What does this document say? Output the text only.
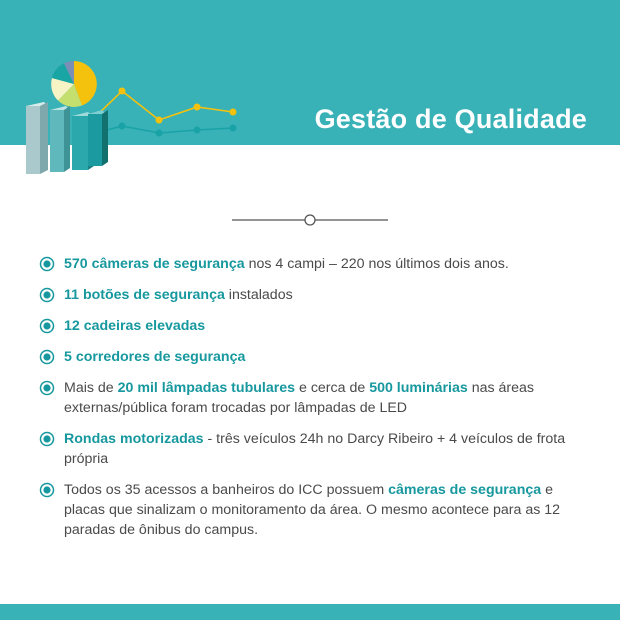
Gestão de Qualidade
570 câmeras de segurança nos 4 campi – 220 nos últimos dois anos.
11 botões de segurança instalados
12 cadeiras elevadas
5 corredores de segurança
Mais de 20 mil lâmpadas tubulares e cerca de 500 luminárias nas áreas externas/pública foram trocadas por lâmpadas de LED
Rondas motorizadas - três veículos 24h no Darcy Ribeiro + 4 veículos de frota própria
Todos os 35 acessos a banheiros do ICC possuem câmeras de segurança e placas que sinalizam o monitoramento da área. O mesmo acontece para as 12 paradas de ônibus do campus.
